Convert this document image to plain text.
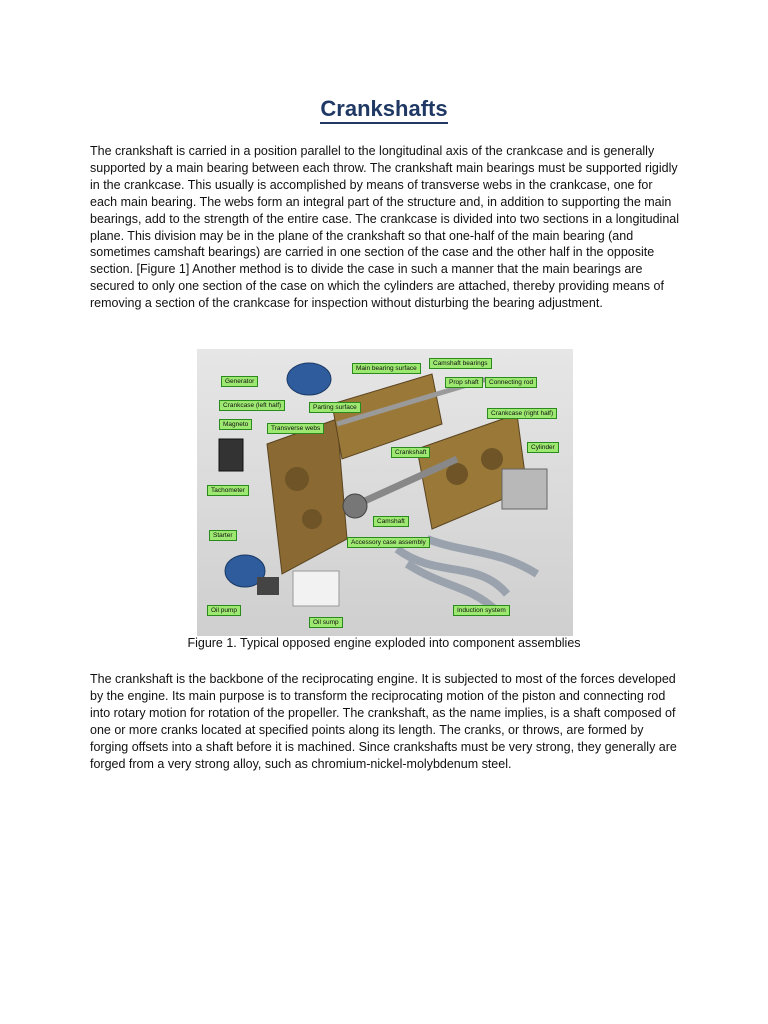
Crankshafts

The crankshaft is carried in a position parallel to the longitudinal axis of the crankcase and is generally supported by a main bearing between each throw. The crankshaft main bearings must be supported rigidly in the crankcase. This usually is accomplished by means of transverse webs in the crankcase, one for each main bearing. The webs form an integral part of the structure and, in addition to supporting the main bearings, add to the strength of the entire case. The crankcase is divided into two sections in a longitudinal plane. This division may be in the plane of the crankshaft so that one-half of the main bearing (and sometimes camshaft bearings) are carried in one section of the case and the other half in the opposite section. [Figure 1] Another method is to divide the case in such a manner that the main bearings are secured to only one section of the case on which the cylinders are attached, thereby providing means of removing a section of the crankcase for inspection without disturbing the bearing adjustment.

Generator
Main bearing surface
Camshaft bearings
Prop shaft	Connecting rod
Crankcase (left half)	Parting surface
Crankcase (right half)
Magneto
Transverse webs
Cylinder
Crankshaft
Tachometer
Camshaft
Starter
Accessory case assembly
Oil pump	Induction system
Oil sump
Figure 1. Typical opposed engine exploded into component assemblies

The crankshaft is the backbone of the reciprocating engine. It is subjected to most of the forces developed by the engine. Its main purpose is to transform the reciprocating motion of the piston and connecting rod into rotary motion for rotation of the propeller. The crankshaft, as the name implies, is a shaft composed of one or more cranks located at specified points along its length. The cranks, or throws, are formed by forging offsets into a shaft before it is machined. Since crankshafts must be very strong, they generally are forged from a very strong alloy, such as chromium-nickel-molybdenum steel.
